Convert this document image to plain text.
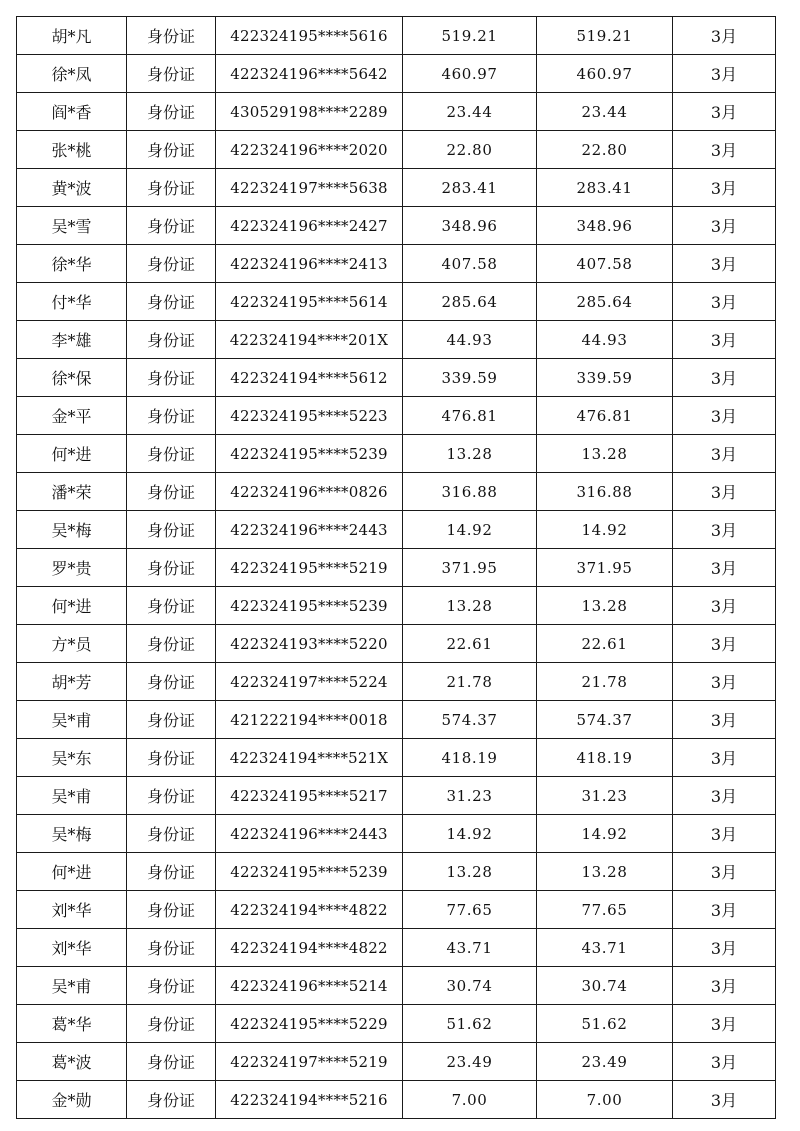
胡*凡	身份证	422324195****5616	519.21	519.21	3月
徐*凤	身份证	422324196****5642	460.97	460.97	3月
阎*香	身份证	430529198****2289	23.44	23.44	3月
张*桃	身份证	422324196****2020	22.80	22.80	3月
黄*波	身份证	422324197****5638	283.41	283.41	3月
吴*雪	身份证	422324196****2427	348.96	348.96	3月
徐*华	身份证	422324196****2413	407.58	407.58	3月
付*华	身份证	422324195****5614	285.64	285.64	3月
李*雄	身份证	422324194****201X	44.93	44.93	3月
徐*保	身份证	422324194****5612	339.59	339.59	3月
金*平	身份证	422324195****5223	476.81	476.81	3月
何*进	身份证	422324195****5239	13.28	13.28	3月
潘*荣	身份证	422324196****0826	316.88	316.88	3月
吴*梅	身份证	422324196****2443	14.92	14.92	3月
罗*贵	身份证	422324195****5219	371.95	371.95	3月
何*进	身份证	422324195****5239	13.28	13.28	3月
方*员	身份证	422324193****5220	22.61	22.61	3月
胡*芳	身份证	422324197****5224	21.78	21.78	3月
吴*甫	身份证	421222194****0018	574.37	574.37	3月
吴*东	身份证	422324194****521X	418.19	418.19	3月
吴*甫	身份证	422324195****5217	31.23	31.23	3月
吴*梅	身份证	422324196****2443	14.92	14.92	3月
何*进	身份证	422324195****5239	13.28	13.28	3月
刘*华	身份证	422324194****4822	77.65	77.65	3月
刘*华	身份证	422324194****4822	43.71	43.71	3月
吴*甫	身份证	422324196****5214	30.74	30.74	3月
葛*华	身份证	422324195****5229	51.62	51.62	3月
葛*波	身份证	422324197****5219	23.49	23.49	3月
金*勋	身份证	422324194****5216	7.00	7.00	3月
